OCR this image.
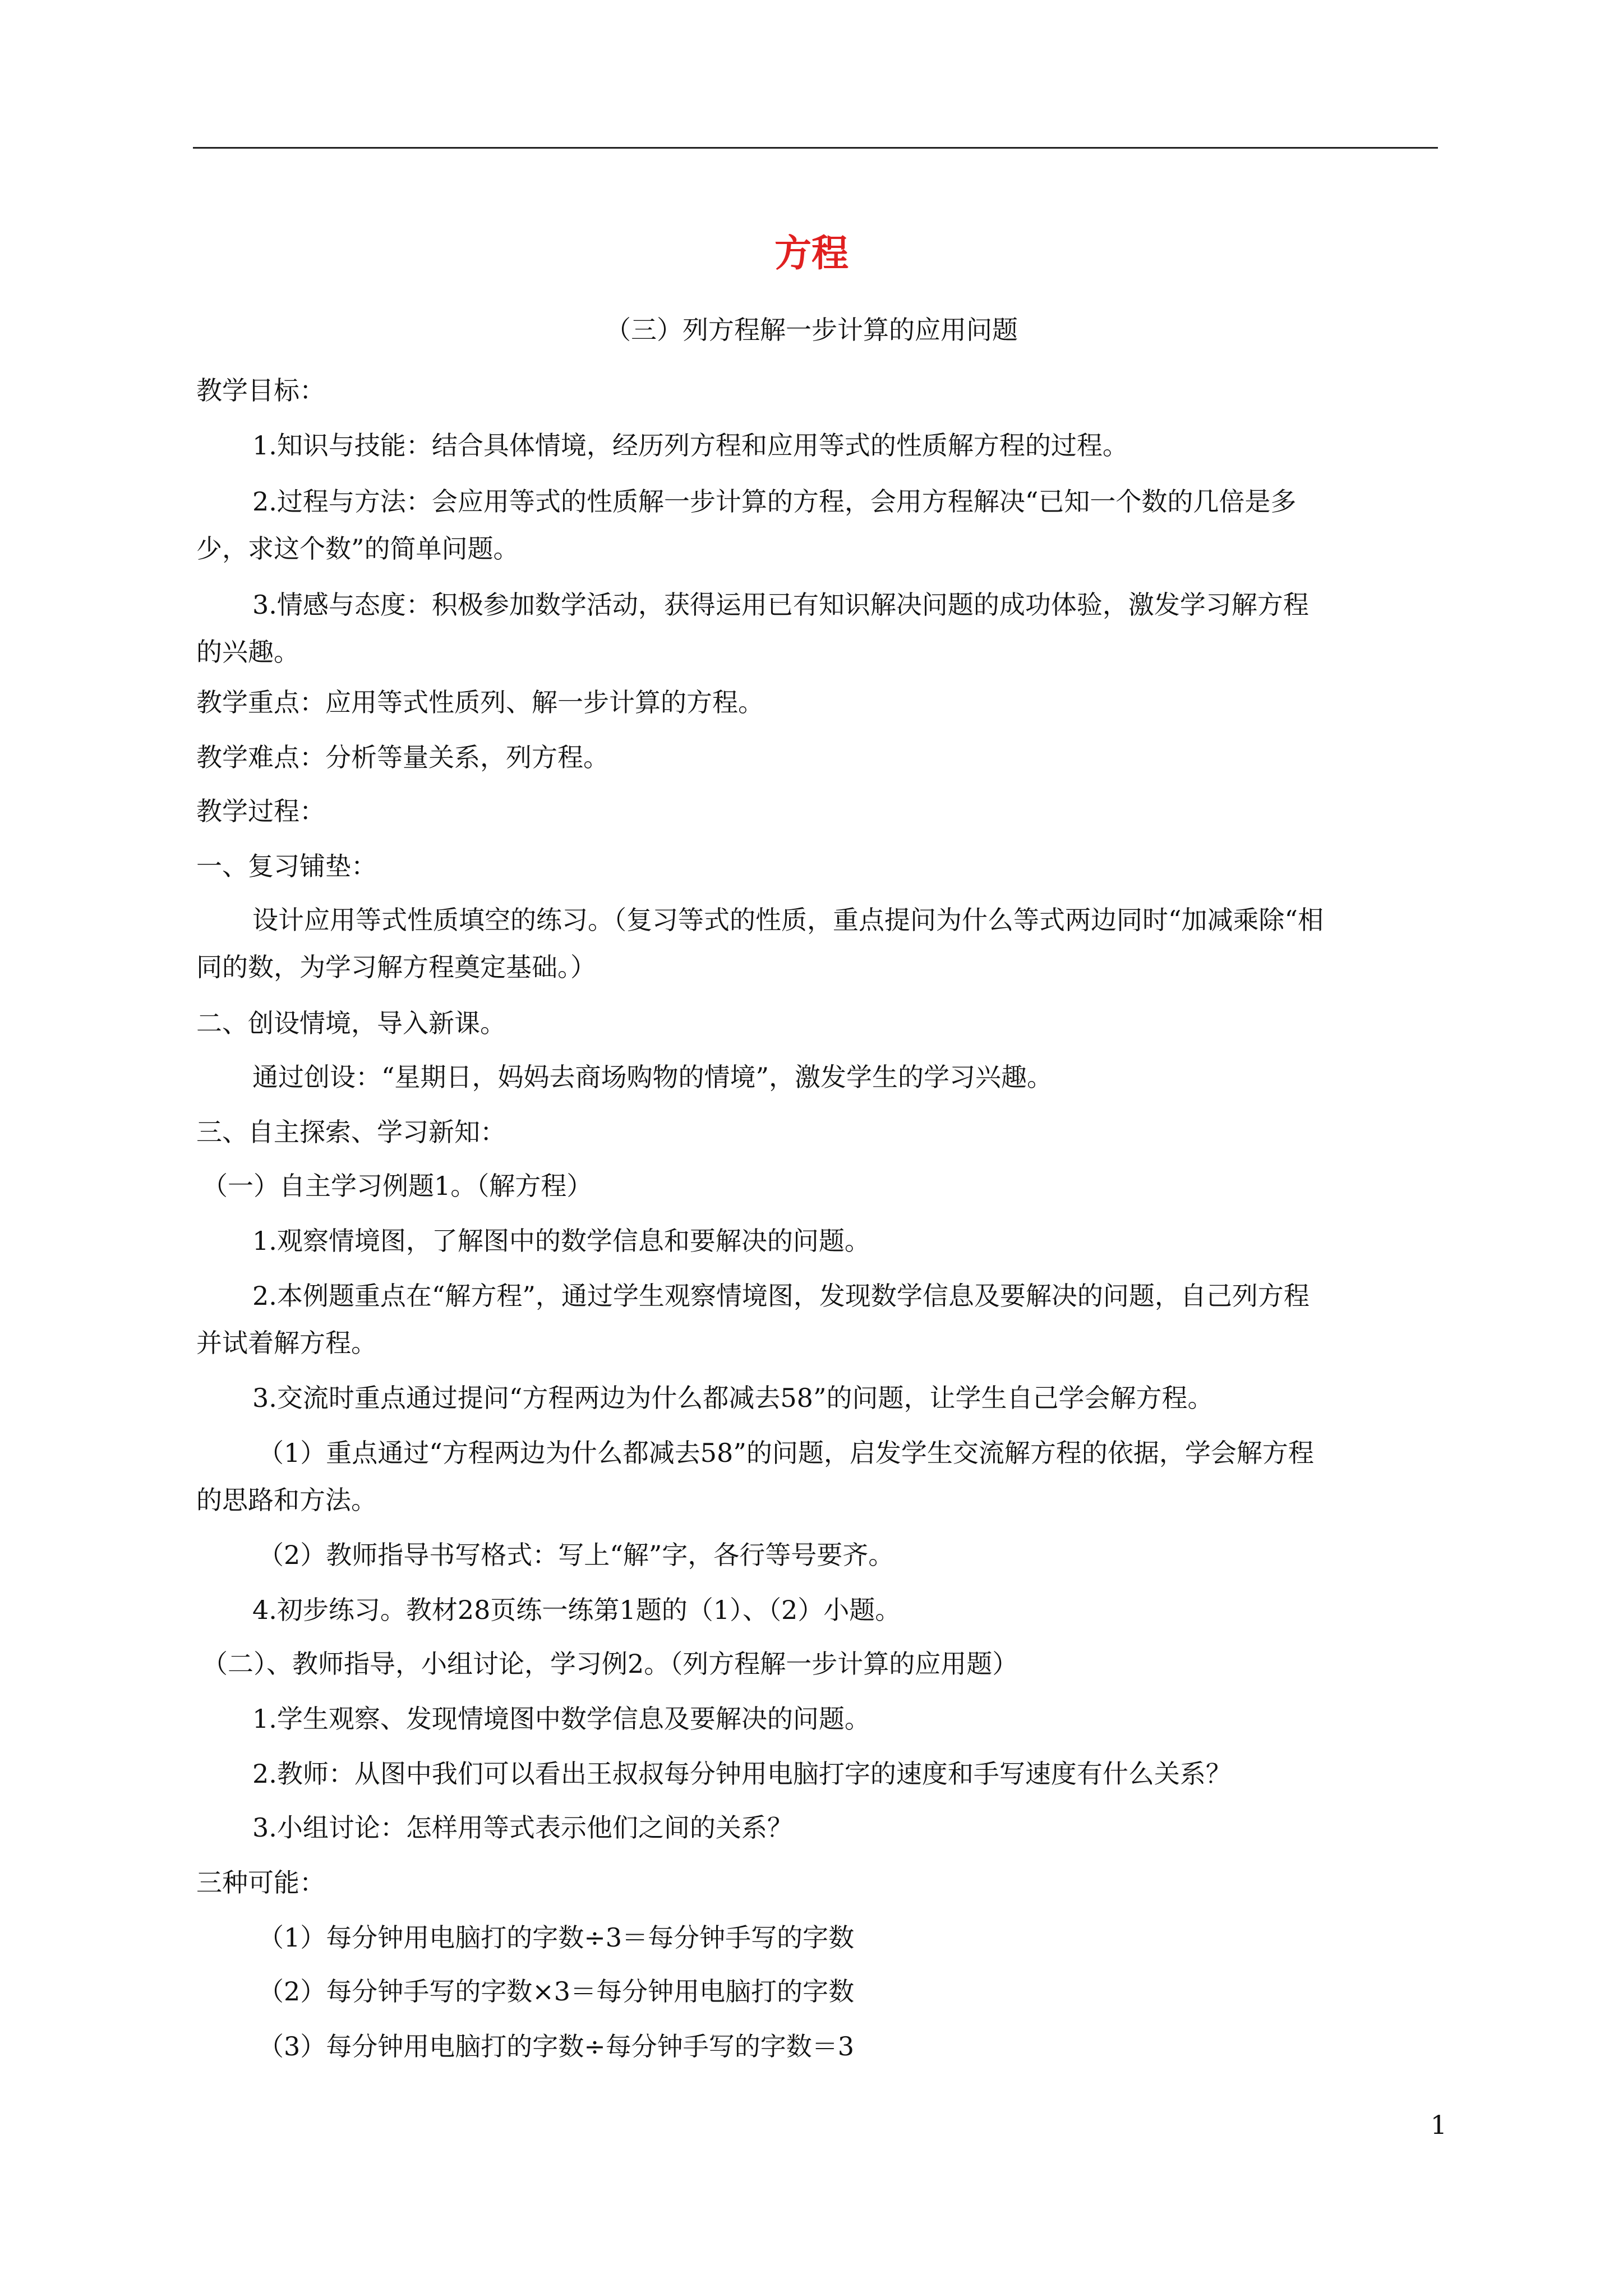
方程
（三）列方程解一步计算的应用问题
教学目标：
1.知识与技能：结合具体情境，经历列方程和应用等式的性质解方程的过程。
2.过程与方法：会应用等式的性质解一步计算的方程，会用方程解决“已知一个数的几倍是多
少，求这个数”的简单问题。
3.情感与态度：积极参加数学活动，获得运用已有知识解决问题的成功体验，激发学习解方程
的兴趣。
教学重点：应用等式性质列、解一步计算的方程。
教学难点：分析等量关系，列方程。
教学过程：
一、复习铺垫：
设计应用等式性质填空的练习。（复习等式的性质，重点提问为什么等式两边同时“加减乘除“相
同的数，为学习解方程奠定基础。）
二、创设情境，导入新课。
通过创设：“星期日，妈妈去商场购物的情境”，激发学生的学习兴趣。
三、自主探索、学习新知：
（一）自主学习例题1。（解方程）
1.观察情境图，了解图中的数学信息和要解决的问题。
2.本例题重点在“解方程”，通过学生观察情境图，发现数学信息及要解决的问题，自己列方程
并试着解方程。
3.交流时重点通过提问“方程两边为什么都减去58”的问题，让学生自己学会解方程。
（1）重点通过“方程两边为什么都减去58”的问题，启发学生交流解方程的依据，学会解方程
的思路和方法。
（2）教师指导书写格式：写上“解”字，各行等号要齐。
4.初步练习。教材28页练一练第1题的（1）、（2）小题。
（二）、教师指导，小组讨论，学习例2。（列方程解一步计算的应用题）
1.学生观察、发现情境图中数学信息及要解决的问题。
2.教师：从图中我们可以看出王叔叔每分钟用电脑打字的速度和手写速度有什么关系？
3.小组讨论：怎样用等式表示他们之间的关系？
三种可能：
（1）每分钟用电脑打的字数÷3＝每分钟手写的字数
（2）每分钟手写的字数×3＝每分钟用电脑打的字数
（3）每分钟用电脑打的字数÷每分钟手写的字数＝3
1
